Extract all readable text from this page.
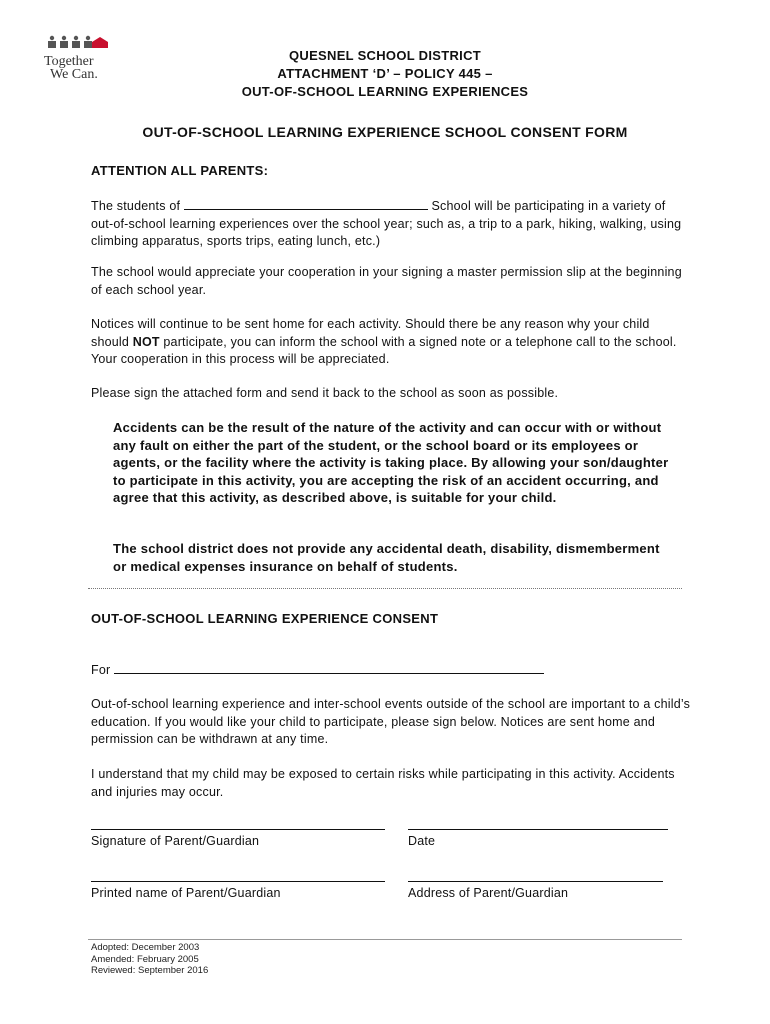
Together
We Can.
QUESNEL SCHOOL DISTRICT
ATTACHMENT ‘D’ – POLICY 445 –
OUT-OF-SCHOOL LEARNING EXPERIENCES
OUT-OF-SCHOOL LEARNING EXPERIENCE SCHOOL CONSENT FORM
ATTENTION ALL PARENTS:
The students of	School will be participating in a variety of out-of-school learning experiences over the school year; such as, a trip to a park, hiking, walking, using climbing apparatus, sports trips, eating lunch, etc.)
The school would appreciate your cooperation in your signing a master permission slip at the beginning of each school year.
Notices will continue to be sent home for each activity. Should there be any reason why your child should NOT participate, you can inform the school with a signed note or a telephone call to the school. Your cooperation in this process will be appreciated.
Please sign the attached form and send it back to the school as soon as possible.
Accidents can be the result of the nature of the activity and can occur with or without any fault on either the part of the student, or the school board or its employees or agents, or the facility where the activity is taking place. By allowing your son/daughter to participate in this activity, you are accepting the risk of an accident occurring, and agree that this activity, as described above, is suitable for your child.
The school district does not provide any accidental death, disability, dismemberment or medical expenses insurance on behalf of students.
OUT-OF-SCHOOL LEARNING EXPERIENCE CONSENT
For
Out-of-school learning experience and inter-school events outside of the school are important to a child’s education. If you would like your child to participate, please sign below. Notices are sent home and permission can be withdrawn at any time.
I understand that my child may be exposed to certain risks while participating in this activity. Accidents and injuries may occur.
Signature of Parent/Guardian	Date
Printed name of Parent/Guardian	Address of Parent/Guardian
Adopted: December 2003
Amended: February 2005
Reviewed: September 2016
